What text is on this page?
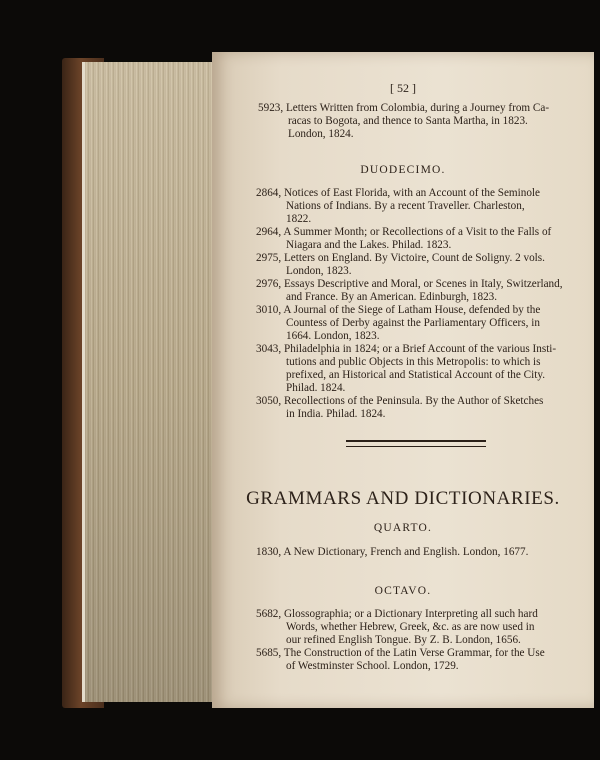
[ 52 ]
5923, Letters Written from Colombia, during a Journey from Ca-
racas to Bogota, and thence to Santa Martha, in 1823.
London, 1824.
DUODECIMO.
2864, Notices of East Florida, with an Account of the Seminole
Nations of Indians. By a recent Traveller. Charleston,
1822.
2964, A Summer Month; or Recollections of a Visit to the Falls of
Niagara and the Lakes. Philad. 1823.
2975, Letters on England. By Victoire, Count de Soligny. 2 vols.
London, 1823.
2976, Essays Descriptive and Moral, or Scenes in Italy, Switzerland,
and France. By an American. Edinburgh, 1823.
3010, A Journal of the Siege of Latham House, defended by the
Countess of Derby against the Parliamentary Officers, in
1664. London, 1823.
3043, Philadelphia in 1824; or a Brief Account of the various Insti-
tutions and public Objects in this Metropolis: to which is
prefixed, an Historical and Statistical Account of the City.
Philad. 1824.
3050, Recollections of the Peninsula. By the Author of Sketches
in India. Philad. 1824.
GRAMMARS AND DICTIONARIES.
QUARTO.
1830, A New Dictionary, French and English. London, 1677.
OCTAVO.
5682, Glossographia; or a Dictionary Interpreting all such hard
Words, whether Hebrew, Greek, &c. as are now used in
our refined English Tongue. By Z. B. London, 1656.
5685, The Construction of the Latin Verse Grammar, for the Use
of Westminster School. London, 1729.
